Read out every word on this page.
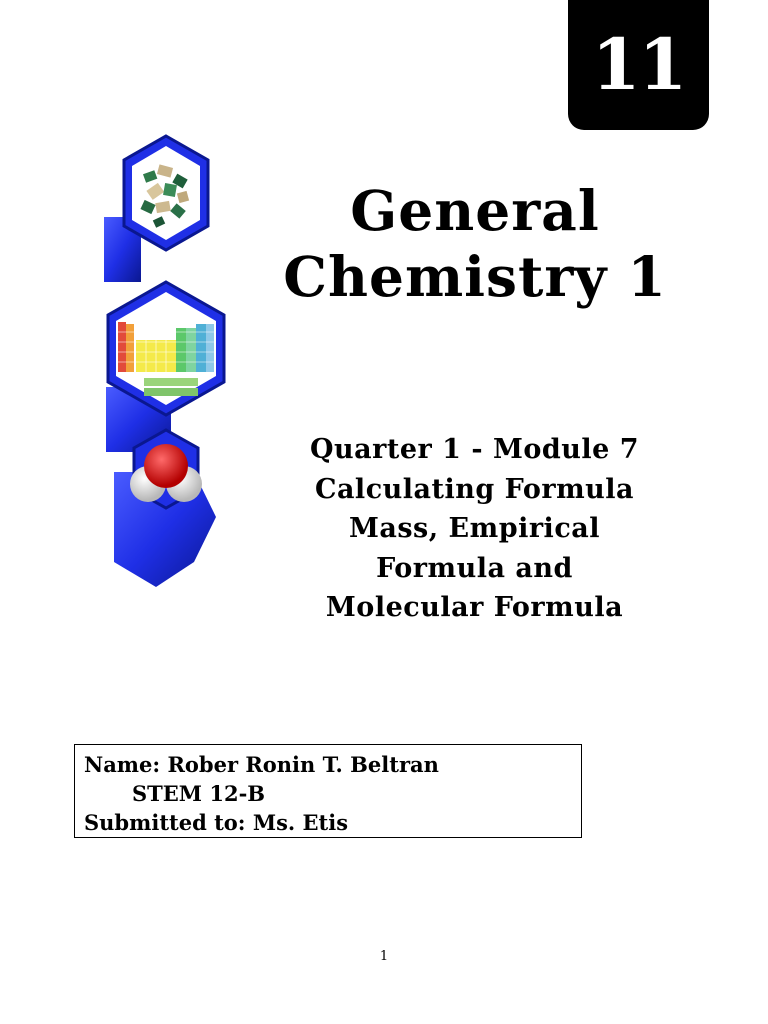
11
General
Chemistry 1
Quarter 1 - Module 7
Calculating Formula
Mass, Empirical
Formula and
Molecular Formula
Name: Rober Ronin T. Beltran
STEM 12-B
Submitted to: Ms. Etis
1
